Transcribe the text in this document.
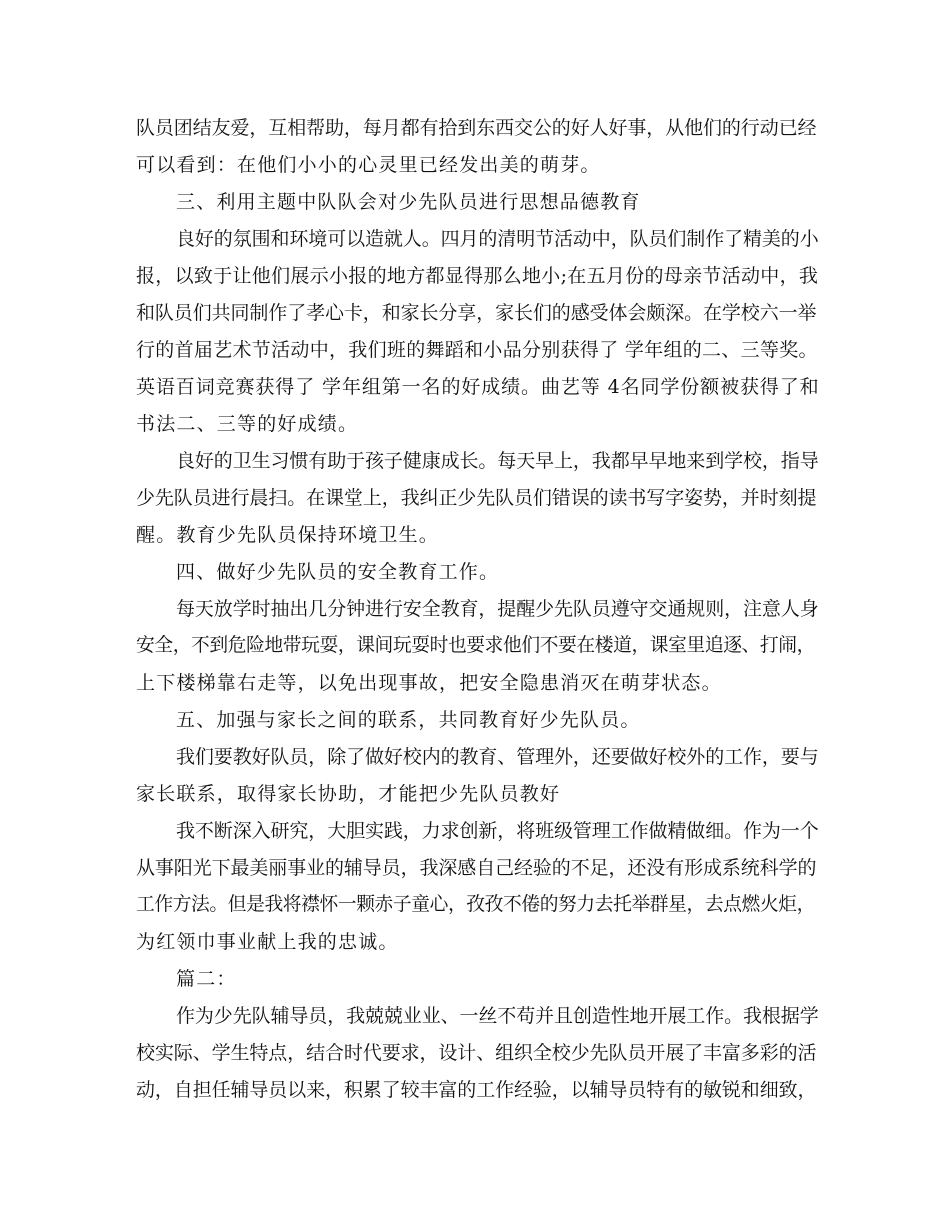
队员团结友爱，互相帮助，每月都有拾到东西交公的好人好事，从他们的行动已经
可以看到：在他们小小的心灵里已经发出美的萌芽。
三、利用主题中队队会对少先队员进行思想品德教育
良好的氛围和环境可以造就人。四月的清明节活动中，队员们制作了精美的小
报，以致于让他们展示小报的地方都显得那么地小;在五月份的母亲节活动中，我
和队员们共同制作了孝心卡，和家长分享，家长们的感受体会颇深。在学校六一举
行的首届艺术节活动中，我们班的舞蹈和小品分别获得了 学年组的二、三等奖。
英语百词竞赛获得了 学年组第一名的好成绩。曲艺等 4名同学份额被获得了和
书法二、三等的好成绩。
良好的卫生习惯有助于孩子健康成长。每天早上，我都早早地来到学校，指导
少先队员进行晨扫。在课堂上，我纠正少先队员们错误的读书写字姿势，并时刻提
醒。教育少先队员保持环境卫生。
四、做好少先队员的安全教育工作。
每天放学时抽出几分钟进行安全教育，提醒少先队员遵守交通规则，注意人身
安全，不到危险地带玩耍，课间玩耍时也要求他们不要在楼道，课室里追逐、打闹，
上下楼梯靠右走等，以免出现事故，把安全隐患消灭在萌芽状态。
五、加强与家长之间的联系，共同教育好少先队员。
我们要教好队员，除了做好校内的教育、管理外，还要做好校外的工作，要与
家长联系，取得家长协助，才能把少先队员教好
我不断深入研究，大胆实践，力求创新，将班级管理工作做精做细。作为一个
从事阳光下最美丽事业的辅导员，我深感自己经验的不足，还没有形成系统科学的
工作方法。但是我将襟怀一颗赤子童心，孜孜不倦的努力去托举群星，去点燃火炬，
为红领巾事业献上我的忠诚。
篇二：
作为少先队辅导员，我兢兢业业、一丝不苟并且创造性地开展工作。我根据学
校实际、学生特点，结合时代要求，设计、组织全校少先队员开展了丰富多彩的活
动，自担任辅导员以来，积累了较丰富的工作经验，以辅导员特有的敏锐和细致，
